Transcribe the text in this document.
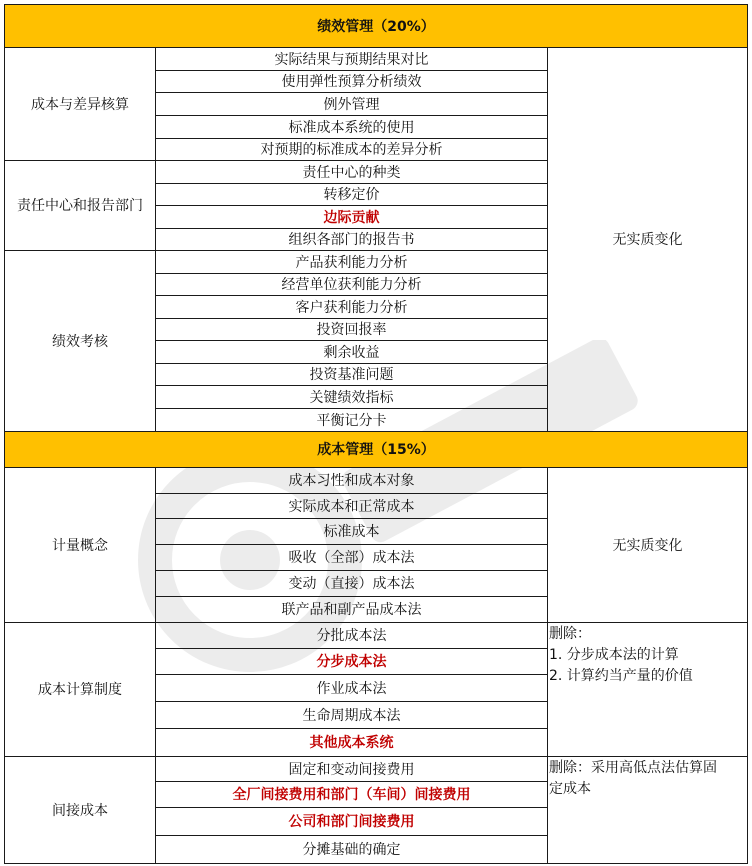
绩效管理（20%）
成本管理（15%）
成本与差异核算
责任中心和报告部门
绩效考核
实际结果与预期结果对比
使用弹性预算分析绩效
例外管理
标准成本系统的使用
对预期的标准成本的差异分析
责任中心的种类
转移定价
边际贡献
组织各部门的报告书
产品获利能力分析
经营单位获利能力分析
客户获利能力分析
投资回报率
剩余收益
投资基准问题
关键绩效指标
平衡记分卡
无实质变化
计量概念
成本计算制度
间接成本
成本习性和成本对象
实际成本和正常成本
标准成本
吸收（全部）成本法
变动（直接）成本法
联产品和副产品成本法
分批成本法
分步成本法
作业成本法
生命周期成本法
其他成本系统
固定和变动间接费用
全厂间接费用和部门（车间）间接费用
公司和部门间接费用
分摊基础的确定
无实质变化
删除：
1. 分步成本法的计算
2. 计算约当产量的价值
删除：采用高低点法估算固
定成本
